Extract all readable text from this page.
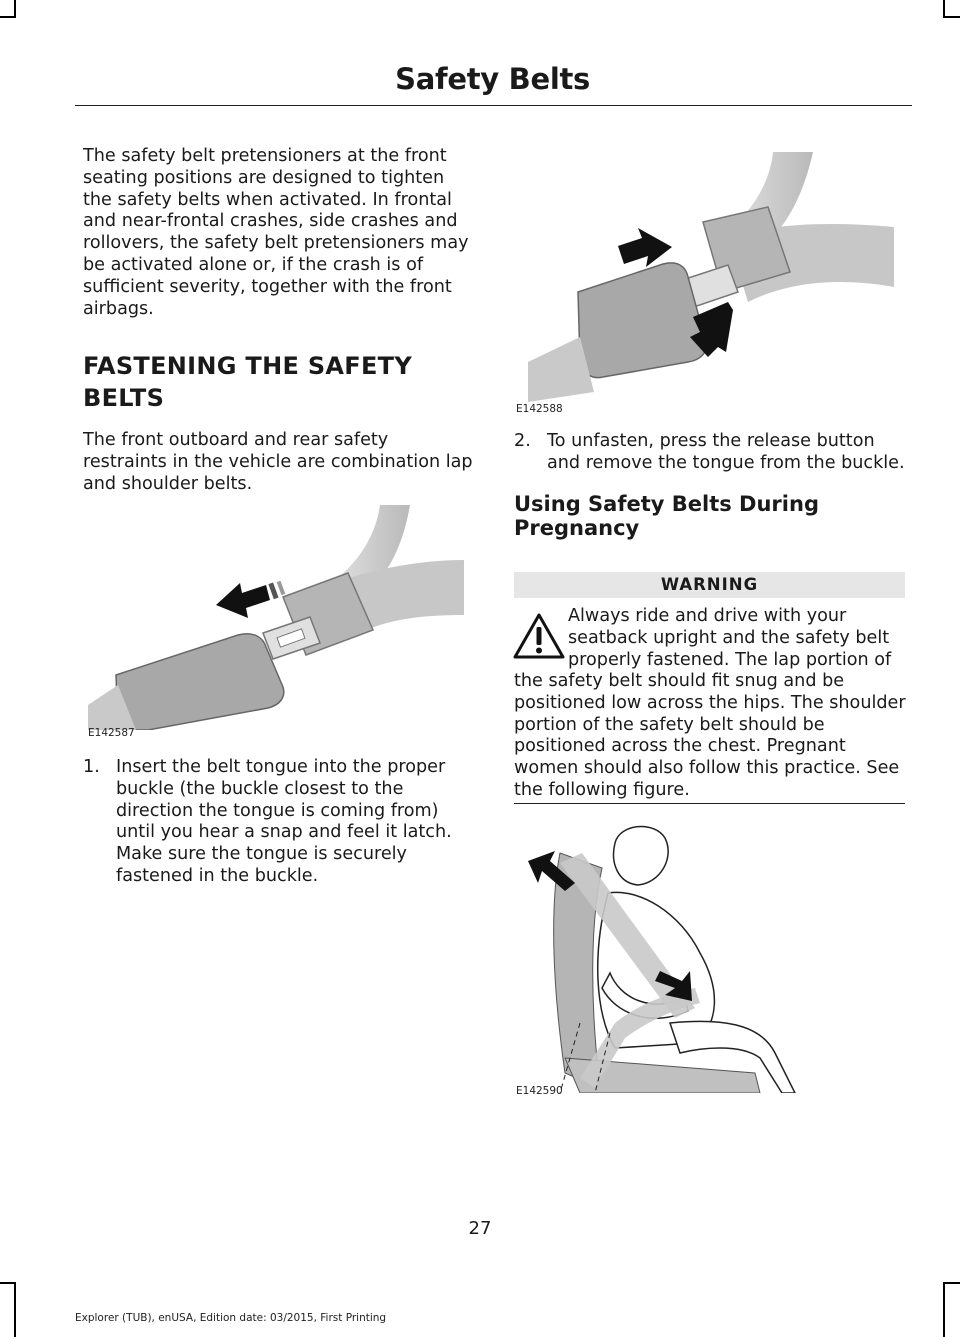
Safety Belts

The safety belt pretensioners at the front seating positions are designed to tighten the safety belts when activated. In frontal and near-frontal crashes, side crashes and rollovers, the safety belt pretensioners may be activated alone or, if the crash is of sufficient severity, together with the front airbags.

FASTENING THE SAFETY
BELTS

The front outboard and rear safety restraints in the vehicle are combination lap and shoulder belts.

E142587
1. Insert the belt tongue into the proper buckle (the buckle closest to the direction the tongue is coming from) until you hear a snap and feel it latch. Make sure the tongue is securely fastened in the buckle.
E142588
2. To unfasten, press the release button and remove the tongue from the buckle.
Using Safety Belts During
Pregnancy
WARNING
Always ride and drive with your seatback upright and the safety belt properly fastened. The lap portion of
the safety belt should fit snug and be positioned low across the hips. The shoulder portion of the safety belt should be positioned across the chest. Pregnant women should also follow this practice. See the following figure.
E142590
27
Explorer (TUB), enUSA, Edition date: 03/2015, First Printing
